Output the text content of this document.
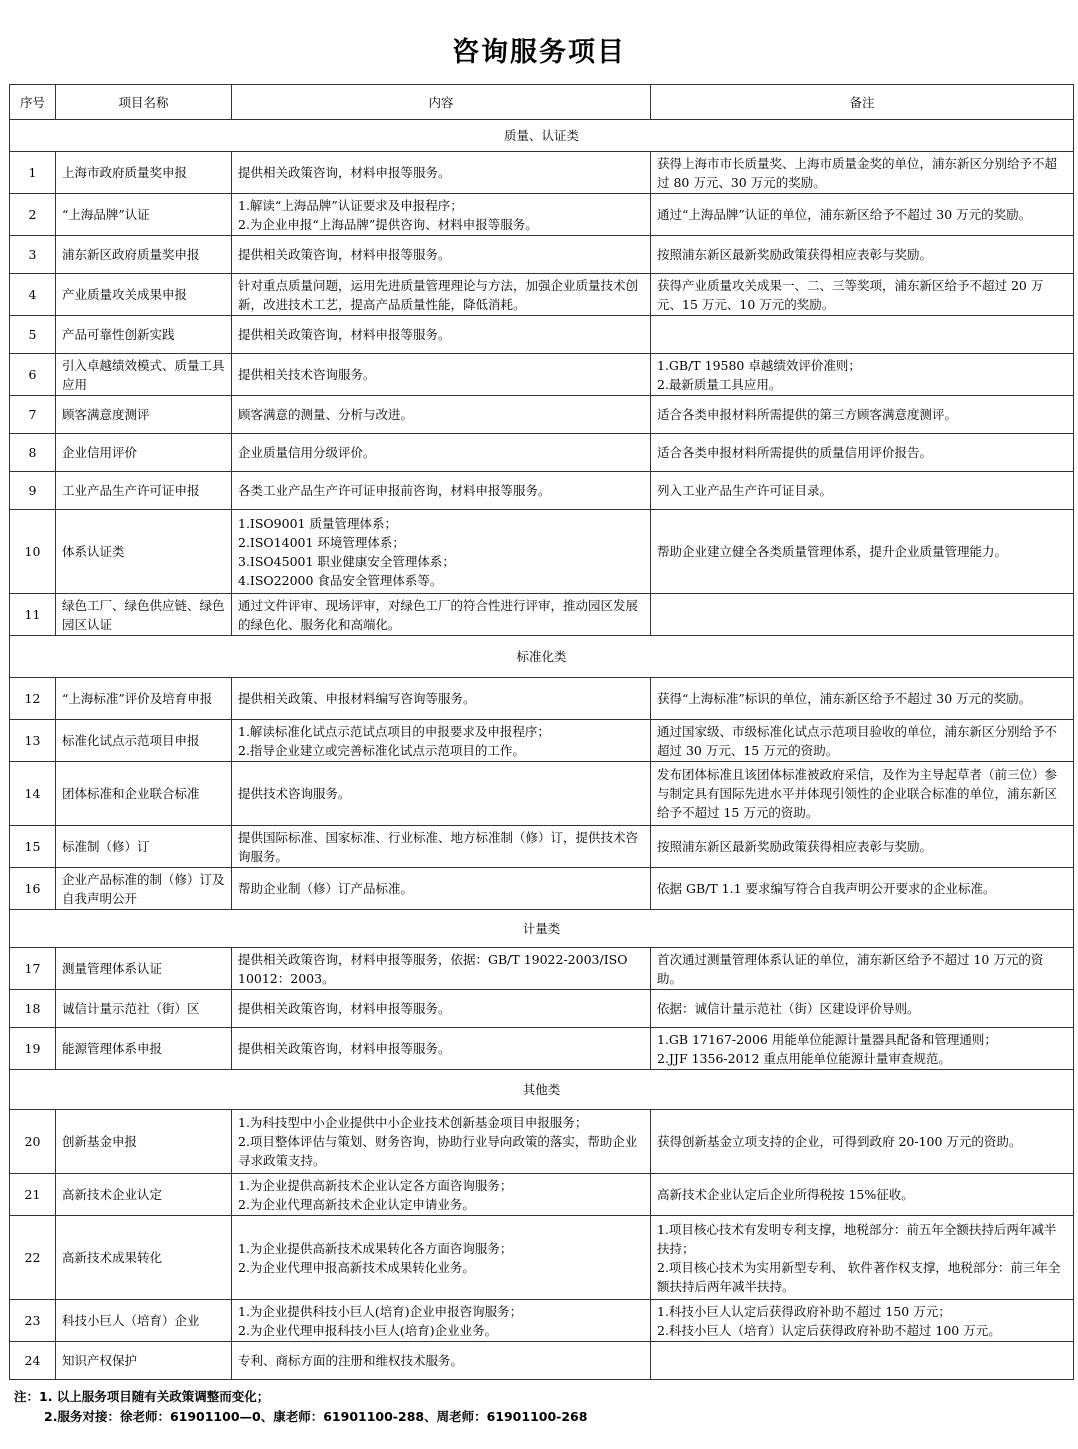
咨询服务项目
序号	项目名称	内容	备注
质量、认证类			
1	上海市政府质量奖申报	提供相关政策咨询，材料申报等服务。	获得上海市市长质量奖、上海市质量金奖的单位，浦东新区分别给予不超过 80 万元、30 万元的奖励。
2	“上海品牌”认证	1.解读“上海品牌”认证要求及申报程序；
2.为企业申报“上海品牌”提供咨询、材料申报等服务。	通过“上海品牌”认证的单位，浦东新区给予不超过 30 万元的奖励。
3	浦东新区政府质量奖申报	提供相关政策咨询，材料申报等服务。	按照浦东新区最新奖励政策获得相应表彰与奖励。
4	产业质量攻关成果申报	针对重点质量问题，运用先进质量管理理论与方法，加强企业质量技术创新，改进技术工艺，提高产品质量性能，降低消耗。	获得产业质量攻关成果一、二、三等奖项，浦东新区给予不超过 20 万元、15 万元、10 万元的奖励。
5	产品可靠性创新实践	提供相关政策咨询，材料申报等服务。	
6	引入卓越绩效模式、质量工具应用	提供相关技术咨询服务。	1.GB/T 19580 卓越绩效评价准则；
2.最新质量工具应用。
7	顾客满意度测评	顾客满意的测量、分析与改进。	适合各类申报材料所需提供的第三方顾客满意度测评。
8	企业信用评价	企业质量信用分级评价。	适合各类申报材料所需提供的质量信用评价报告。
9	工业产品生产许可证申报	各类工业产品生产许可证申报前咨询，材料申报等服务。	列入工业产品生产许可证目录。
10	体系认证类	1.ISO9001 质量管理体系；
2.ISO14001 环境管理体系；
3.ISO45001 职业健康安全管理体系；
4.ISO22000 食品安全管理体系等。	帮助企业建立健全各类质量管理体系，提升企业质量管理能力。
11	绿色工厂、绿色供应链、绿色园区认证	通过文件评审、现场评审，对绿色工厂的符合性进行评审，推动园区发展的绿色化、服务化和高端化。	
标准化类			
12	“上海标准”评价及培育申报	提供相关政策、申报材料编写咨询等服务。	获得“上海标准”标识的单位，浦东新区给予不超过 30 万元的奖励。
13	标准化试点示范项目申报	1.解读标准化试点示范试点项目的申报要求及申报程序；
2.指导企业建立或完善标准化试点示范项目的工作。	通过国家级、市级标准化试点示范项目验收的单位，浦东新区分别给予不超过 30 万元、15 万元的资助。
14	团体标准和企业联合标准	提供技术咨询服务。	发布团体标准且该团体标准被政府采信，及作为主导起草者（前三位）参与制定具有国际先进水平并体现引领性的企业联合标准的单位，浦东新区给予不超过 15 万元的资助。
15	标准制（修）订	提供国际标准、国家标准、行业标准、地方标准制（修）订，提供技术咨询服务。	按照浦东新区最新奖励政策获得相应表彰与奖励。
16	企业产品标准的制（修）订及自我声明公开	帮助企业制（修）订产品标准。	依据 GB/T 1.1 要求编写符合自我声明公开要求的企业标准。
计量类			
17	测量管理体系认证	提供相关政策咨询，材料申报等服务，依据：GB/T 19022-2003/ISO 10012：2003。	首次通过测量管理体系认证的单位，浦东新区给予不超过 10 万元的资助。
18	诚信计量示范社（街）区	提供相关政策咨询，材料申报等服务。	依据：诚信计量示范社（街）区建设评价导则。
19	能源管理体系申报	提供相关政策咨询，材料申报等服务。	1.GB 17167-2006 用能单位能源计量器具配备和管理通则；
2.JJF 1356-2012 重点用能单位能源计量审查规范。
其他类			
20	创新基金申报	1.为科技型中小企业提供中小企业技术创新基金项目申报服务；
2.项目整体评估与策划、财务咨询，协助行业导向政策的落实，帮助企业寻求政策支持。	获得创新基金立项支持的企业，可得到政府 20-100 万元的资助。
21	高新技术企业认定	1.为企业提供高新技术企业认定各方面咨询服务；
2.为企业代理高新技术企业认定申请业务。	高新技术企业认定后企业所得税按 15%征收。
22	高新技术成果转化	1.为企业提供高新技术成果转化各方面咨询服务；
2.为企业代理申报高新技术成果转化业务。	1.项目核心技术有发明专利支撑，地税部分：前五年全额扶持后两年减半扶持；
2.项目核心技术为实用新型专利、 软件著作权支撑，地税部分：前三年全额扶持后两年减半扶持。
23	科技小巨人（培育）企业	1.为企业提供科技小巨人(培育)企业申报咨询服务；
2.为企业代理申报科技小巨人(培育)企业业务。	1.科技小巨人认定后获得政府补助不超过 150 万元；
2.科技小巨人（培育）认定后获得政府补助不超过 100 万元。
24	知识产权保护	专利、商标方面的注册和维权技术服务。	
注：1. 以上服务项目随有关政策调整而变化；
2.服务对接：徐老师：61901100—0、康老师：61901100-288、周老师：61901100-268
